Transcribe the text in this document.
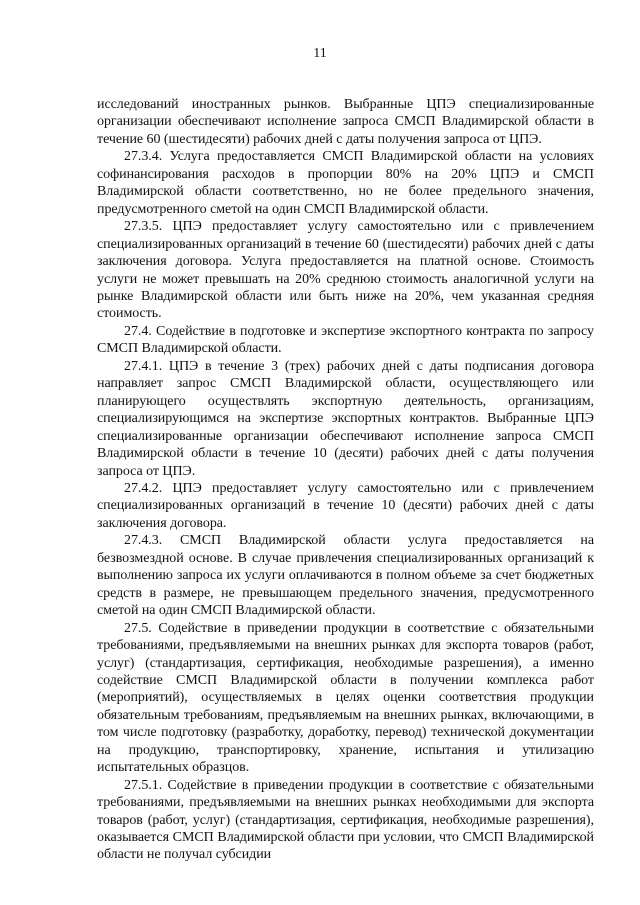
11

исследований иностранных рынков. Выбранные ЦПЭ специализированные организации обеспечивают исполнение запроса СМСП Владимирской области в течение 60 (шестидесяти) рабочих дней с даты получения запроса от ЦПЭ.

27.3.4. Услуга предоставляется СМСП Владимирской области на условиях софинансирования расходов в пропорции 80% на 20% ЦПЭ и СМСП Владимирской области соответственно, но не более предельного значения, предусмотренного сметой на один СМСП Владимирской области.

27.3.5. ЦПЭ предоставляет услугу самостоятельно или с привлечением специализированных организаций в течение 60 (шестидесяти) рабочих дней с даты заключения договора. Услуга предоставляется на платной основе. Стоимость услуги не может превышать на 20% среднюю стоимость аналогичной услуги на рынке Владимирской области или быть ниже на 20%, чем указанная средняя стоимость.

27.4. Содействие в подготовке и экспертизе экспортного контракта по запросу СМСП Владимирской области.

27.4.1. ЦПЭ в течение 3 (трех) рабочих дней с даты подписания договора направляет запрос СМСП Владимирской области, осуществляющего или планирующего осуществлять экспортную деятельность, организациям, специализирующимся на экспертизе экспортных контрактов. Выбранные ЦПЭ специализированные организации обеспечивают исполнение запроса СМСП Владимирской области в течение 10 (десяти) рабочих дней с даты получения запроса от ЦПЭ.

27.4.2. ЦПЭ предоставляет услугу самостоятельно или с привлечением специализированных организаций в течение 10 (десяти) рабочих дней с даты заключения договора.

27.4.3. СМСП Владимирской области услуга предоставляется на безвозмездной основе. В случае привлечения специализированных организаций к выполнению запроса их услуги оплачиваются в полном объеме за счет бюджетных средств в размере, не превышающем предельного значения, предусмотренного сметой на один СМСП Владимирской области.

27.5. Содействие в приведении продукции в соответствие с обязательными требованиями, предъявляемыми на внешних рынках для экспорта товаров (работ, услуг) (стандартизация, сертификация, необходимые разрешения), а именно содействие СМСП Владимирской области в получении комплекса работ (мероприятий), осуществляемых в целях оценки соответствия продукции обязательным требованиям, предъявляемым на внешних рынках, включающими, в том числе подготовку (разработку, доработку, перевод) технической документации на продукцию, транспортировку, хранение, испытания и утилизацию испытательных образцов.

27.5.1. Содействие в приведении продукции в соответствие с обязательными требованиями, предъявляемыми на внешних рынках необходимыми для экспорта товаров (работ, услуг) (стандартизация, сертификация, необходимые разрешения), оказывается СМСП Владимирской области при условии, что СМСП Владимирской области не получал субсидии
